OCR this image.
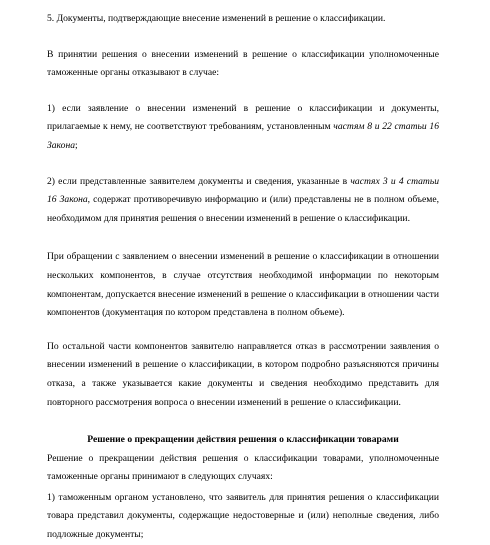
5. Документы, подтверждающие внесение изменений в решение о классификации.

В принятии решения о внесении изменений в решение о классификации уполномоченные таможенные органы отказывают в случае:

1) если заявление о внесении изменений в решение о классификации и документы, прилагаемые к нему, не соответствуют требованиям, установленным частям 8 и 22 статьи 16 Закона;

2) если представленные заявителем документы и сведения, указанные в частях 3 и 4 статьи 16 Закона, содержат противоречивую информацию и (или) представлены не в полном объеме, необходимом для принятия решения о внесении изменений в решение о классификации.

При обращении с заявлением о внесении изменений в решение о классификации в отношении нескольких компонентов, в случае отсутствия необходимой информации по некоторым компонентам, допускается внесение изменений в решение о классификации в отношении части компонентов (документация по котором представлена в полном объеме).

По остальной части компонентов заявителю направляется отказ в рассмотрении заявления о внесении изменений в решение о классификации, в котором подробно разъясняются причины отказа, а также указывается какие документы и сведения необходимо представить для повторного рассмотрения вопроса о внесении изменений в решение о классификации.

Решение о прекращении действия решения о классификации товарами

Решение о прекращении действия решения о классификации товарами, уполномоченные таможенные органы принимают в следующих случаях:

1) таможенным органом установлено, что заявитель для принятия решения о классификации товара представил документы, содержащие недостоверные и (или) неполные сведения, либо подложные документы;
